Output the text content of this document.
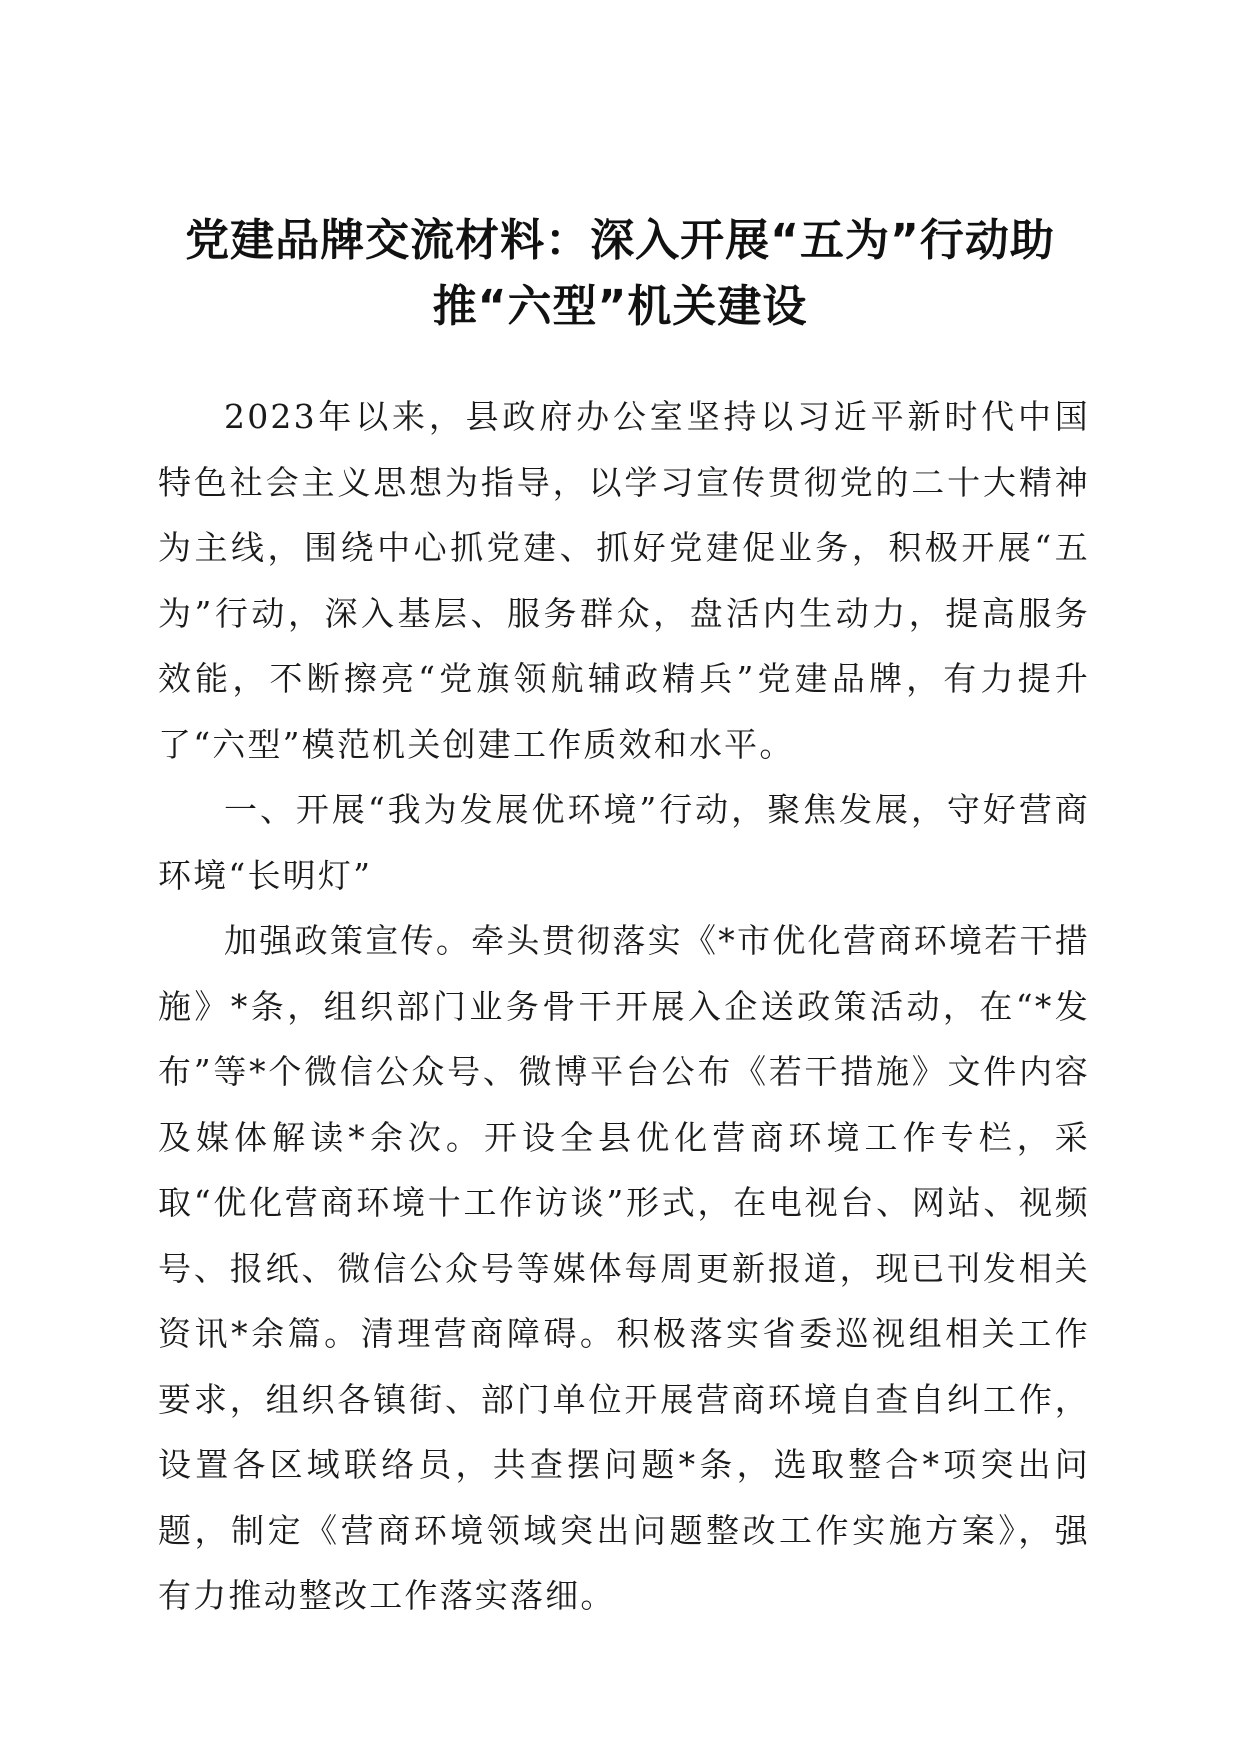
党建品牌交流材料：深入开展“五为”行动助
推“六型”机关建设

2023年以来，县政府办公室坚持以习近平新时代中国特色社会主义思想为指导，以学习宣传贯彻党的二十大精神为主线，围绕中心抓党建、抓好党建促业务，积极开展“五为”行动，深入基层、服务群众，盘活内生动力，提高服务效能，不断擦亮“党旗领航辅政精兵”党建品牌，有力提升了“六型”模范机关创建工作质效和水平。

一、开展“我为发展优环境”行动，聚焦发展，守好营商环境“长明灯”

加强政策宣传。牵头贯彻落实《*市优化营商环境若干措施》*条，组织部门业务骨干开展入企送政策活动，在“*发布”等*个微信公众号、微博平台公布《若干措施》文件内容及媒体解读*余次。开设全县优化营商环境工作专栏，采取“优化营商环境十工作访谈”形式，在电视台、网站、视频号、报纸、微信公众号等媒体每周更新报道，现已刊发相关资讯*余篇。清理营商障碍。积极落实省委巡视组相关工作要求，组织各镇街、部门单位开展营商环境自查自纠工作，设置各区域联络员，共查摆问题*条，选取整合*项突出问题，制定《营商环境领域突出问题整改工作实施方案》，强有力推动整改工作落实落细。
